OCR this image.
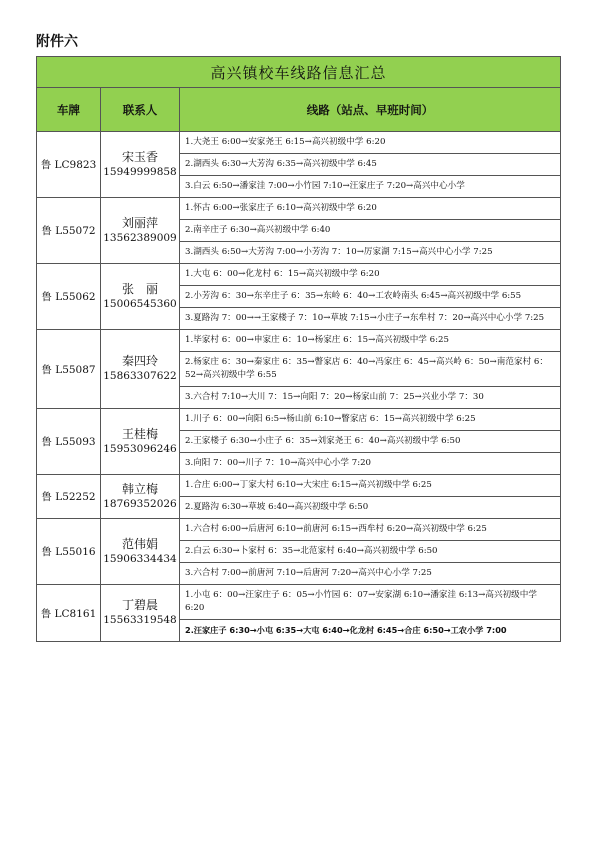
附件六
高兴镇校车线路信息汇总		
车牌	联系人	线路（站点、早班时间）
鲁 LC9823	宋玉香
15949999858	1.大尧王 6:00→安家尧王 6:15→高兴初级中学 6:20
		2.湖西头 6:30→大芳沟 6:35→高兴初级中学 6:45
		3.白云 6:50→潘家洼 7:00→小竹园 7:10→汪家庄子 7:20→高兴中心小学
鲁 L55072	刘丽萍
13562389009	1.怀古 6:00→张家庄子 6:10→高兴初级中学 6:20
		2.南辛庄子 6:30→高兴初级中学 6:40
		3.湖西头 6:50→大芳沟 7:00→小芳沟 7：10→厉家湖 7:15→高兴中心小学 7:25
鲁 L55062	张　丽
15006545360	1.大屯 6：00→化龙村 6：15→高兴初级中学 6:20
		2.小芳沟 6：30→东辛庄子 6：35→东岭 6：40→工农岭南头 6:45→高兴初级中学 6:55
		3.夏路沟 7：00→→王家楼子 7：10→草坡 7:15→小庄子→东牟村 7：20→高兴中心小学 7:25
鲁 L55087	秦四玲
15863307622	1.毕家村 6：00→申家庄 6：10→杨家庄 6：15→高兴初级中学 6:25
		2.杨家庄 6：30→秦家庄 6：35→瞥家店 6：40→冯家庄 6：45→高兴岭 6：50→南范家村 6：52→高兴初级中学 6:55
		3.六合村 7:10→大川 7：15→向阳 7：20→杨家山前 7：25→兴业小学 7：30
鲁 L55093	王桂梅
15953096246	1.川子 6：00→向阳 6:5→杨山前 6:10→瞥家店 6：15→高兴初级中学 6:25
		2.王家楼子 6:30→小庄子 6：35→刘家尧王 6：40→高兴初级中学 6:50
		3.向阳 7：00→川子 7：10→高兴中心小学 7:20
鲁 L52252	韩立梅
18769352026	1.合庄 6:00→丁家大村 6:10→大宋庄 6:15→高兴初级中学 6:25
		2.夏路沟 6:30→草坡 6:40→高兴初级中学 6:50
鲁 L55016	范伟娟
15906334434	1.六合村 6:00→后唐河 6:10→前唐河 6:15→西牟村 6:20→高兴初级中学 6:25
		2.白云 6:30→卜家村 6：35→北范家村 6:40→高兴初级中学 6:50
		3.六合村 7:00→前唐河 7:10→后唐河 7:20→高兴中心小学 7:25
鲁 LC8161	丁碧晨
15563319548	1.小屯 6：00→汪家庄子 6：05→小竹园 6：07→安家湖 6:10→潘家洼 6:13→高兴初级中学 6:20
		2.汪家庄子 6:30→小屯 6:35→大屯 6:40→化龙村 6:45→合庄 6:50→工农小学 7:00
